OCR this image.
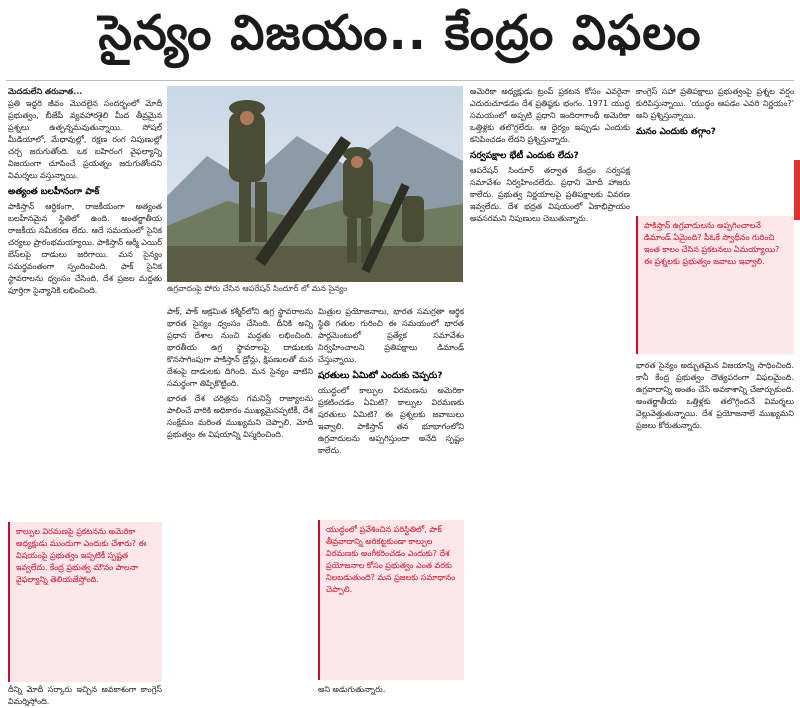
సైన్యం విజయం.. కేంద్రం విఫలం
మెదడులేని తరువాత...

ప్రతి ఇద్దరి జీవం మొదలైన సందర్భంలో మోదీ ప్రభుత్వం, బీజేపీ వ్యవహారశైలి మీద తీవ్రమైన ప్రశ్నలు ఉత్పన్నమవుతున్నాయి. సోషల్ మీడియాలో, మేధావుల్లో, రక్షణ రంగ నిపుణుల్లో చర్చ జరుగుతోంది. ఒక బహిరంగ వైఫల్యాన్ని విజయంగా చూపించే ప్రయత్నం జరుగుతోందని విమర్శలు వస్తున్నాయి.

అత్యంత బలహీనంగా పాక్

పాకిస్తాన్ ఆర్థికంగా, రాజకీయంగా అత్యంత బలహీనమైన స్థితిలో ఉంది. అంతర్జాతీయ రాజకీయ సమీకరణ లేదు. ఆదే సమయంలో సైనిక చర్యలు ప్రారంభమయ్యాయి. పాకిస్తాన్ ఆర్మీ ఎయిర్ బేస్‌లపై దాడులు జరిగాయి. మన సైన్యం సమర్థవంతంగా స్పందించింది. పాక్ సైనిక స్థావరాలను ధ్వంసం చేసింది. దేశ ప్రజల మద్దతు పూర్తిగా సైన్యానికి లభించింది.

కాల్పుల విరమణపై ప్రకటనను అమెరికా అధ్యక్షుడు ముందుగా ఎందుకు చేశారు? ఈ విషయంపై ప్రభుత్వం ఇప్పటికీ స్పష్టత ఇవ్వలేదు. కేంద్ర ప్రభుత్వ మౌనం పాలనా వైఫల్యాన్ని తెలియజేస్తోంది.
దీన్ని మోదీ సర్కారు ఇచ్చిన అవకాశంగా కాంగ్రెస్ విమర్శిస్తోంది.
ఉగ్రవాదంపై పోరు చేసిన ఆపరేషన్ సిందూర్ లో మన సైన్యం

పాక్, పాక్ ఆక్రమిత కశ్మీర్‌లోని ఉగ్ర స్థావరాలను భారత సైన్యం ధ్వంసం చేసింది. దీనికి అన్ని ప్రధాన దేశాల నుంచి మద్దతు లభించింది. భారతీయ ఉగ్ర స్థావరాలపై దాడులకు కొనసాగింపుగా పాకిస్తాన్ డ్రోన్లు, క్షిపణులతో మన దేశంపై దాడులకు దిగింది. మన సైన్యం వాటిని సమర్థంగా తిప్పికొట్టింది.

భారత దేశ చరిత్రను గమనిస్తే రాజ్యాలను పాలించే వారికి అధికారం ముఖ్యమైనప్పటికీ, దేశ సంక్షేమం మరింత ముఖ్యమని చెప్పాలి. మోదీ ప్రభుత్వం ఈ విషయాన్ని విస్మరించింది.

మిత్రుల ప్రయోజనాలు, భారత సమగ్రతా ఆర్థిక స్థితి గతుల గురించి ఈ సమయంలో భారత పార్లమెంటులో ప్రత్యేక సమావేశం నిర్వహించాలని ప్రతిపక్షాలు డిమాండ్ చేస్తున్నాయి.

షరతులు ఏమిటో ఎందుకు చెప్పరు?

యుద్ధంలో కాల్పుల విరమణను అమెరికా ప్రకటించడం ఏమిటి? కాల్పుల విరమణకు షరతులు ఏమిటి? ఈ ప్రశ్నలకు జవాబులు ఇవ్వాలి. పాకిస్తాన్ తన భూభాగంలోని ఉగ్రవాదులను అప్పగిస్తుందా అనేది స్పష్టం కాలేదు.

యుద్ధంలో ప్రవేశించిన పరిస్థితిలో, పాక్ తీవ్రవాదాన్ని అరికట్టకుండా కాల్పుల విరమణకు అంగీకరించడం ఎందుకు? దేశ ప్రయోజనాల కోసం ప్రభుత్వం ఎంత వరకు నిలబడుతుంది? మన ప్రజలకు సమాధానం చెప్పాలి.
అని అడుగుతున్నారు.

అమెరికా అధ్యక్షుడు ట్రంప్ ప్రకటన కోసం ఎవరైనా ఎదురుచూడడం దేశ ప్రతిష్ఠకు భంగం. 1971 యుద్ధ సమయంలో అప్పటి ప్రధాని ఇందిరాగాంధీ అమెరికా ఒత్తిళ్లకు తలొగ్గలేదు. ఆ ధైర్యం ఇప్పుడు ఎందుకు కనిపించడం లేదని ప్రశ్నిస్తున్నారు.

సర్వపక్షాల భేటీ ఎందుకు లేదు?

ఆపరేషన్ సిందూర్ తర్వాత కేంద్రం సర్వపక్ష సమావేశం నిర్వహించలేదు. ప్రధాని మోదీ హాజరు కాలేదు. ప్రభుత్వ నిర్ణయాలపై ప్రతిపక్షాలకు వివరణ ఇవ్వలేదు. దేశ భద్రత విషయంలో ఏకాభిప్రాయం అవసరమని నిపుణులు చెబుతున్నారు.

కాంగ్రెస్ సహా ప్రతిపక్షాలు ప్రభుత్వంపై ప్రశ్నల వర్షం కురిపిస్తున్నాయి. 'యుద్ధం ఆపడం ఎవరి నిర్ణయం?' అని ప్రశ్నిస్తున్నాయి.

మనం ఎందుకు తగ్గాం?
పాకిస్తాన్ ఉగ్రవాదులను అప్పగించాలనే డిమాండ్ ఏమైంది? పీఓకే స్వాధీనం గురించి ఇంత కాలం చేసిన ప్రకటనలు ఏమయ్యాయి? ఈ ప్రశ్నలకు ప్రభుత్వం జవాబు ఇవ్వాలి.

భారత సైన్యం అద్భుతమైన విజయాన్ని సాధించింది. కానీ కేంద్ర ప్రభుత్వం దౌత్యపరంగా విఫలమైంది. ఉగ్రవాదాన్ని అంతం చేసే అవకాశాన్ని చేజార్చుకుంది. అంతర్జాతీయ ఒత్తిళ్లకు తలొగ్గిందనే విమర్శలు వెల్లువెత్తుతున్నాయి. దేశ ప్రయోజనాలే ముఖ్యమని ప్రజలు కోరుతున్నారు.
